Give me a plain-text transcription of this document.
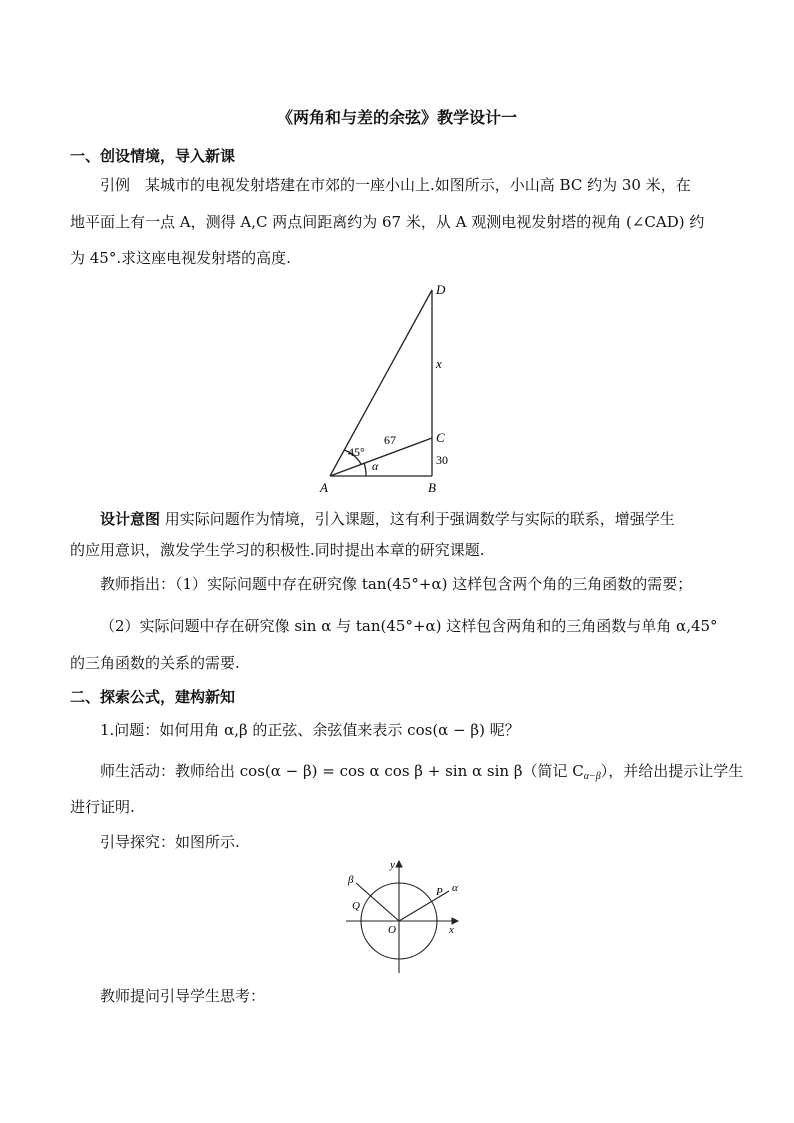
《两角和与差的余弦》教学设计一
一、创设情境，导入新课
引例　某城市的电视发射塔建在市郊的一座小山上.如图所示，小山高 BC 约为 30 米，在
地平面上有一点 A，测得 A,C 两点间距离约为 67 米，从 A 观测电视发射塔的视角 (∠CAD) 约
为 45°.求这座电视发射塔的高度.
A	B
C
D
x
67
30
45°
α
设计意图 用实际问题作为情境，引入课题，这有利于强调数学与实际的联系，增强学生
的应用意识，激发学生学习的积极性.同时提出本章的研究课题.
教师指出：（1）实际问题中存在研究像 tan(45°+α) 这样包含两个角的三角函数的需要；
（2）实际问题中存在研究像 sin α 与 tan(45°+α) 这样包含两角和的三角函数与单角 α,45°
的三角函数的关系的需要.
二、探索公式，建构新知
1.问题：如何用角 α,β 的正弦、余弦值来表示 cos(α − β) 呢？
师生活动：教师给出 cos(α − β) = cos α cos β + sin α sin β（简记 $C_{\alpha-\beta}$），并给出提示让学生
进行证明.
引导探究：如图所示.
y
x
O
P
Q
α
β
教师提问引导学生思考：
